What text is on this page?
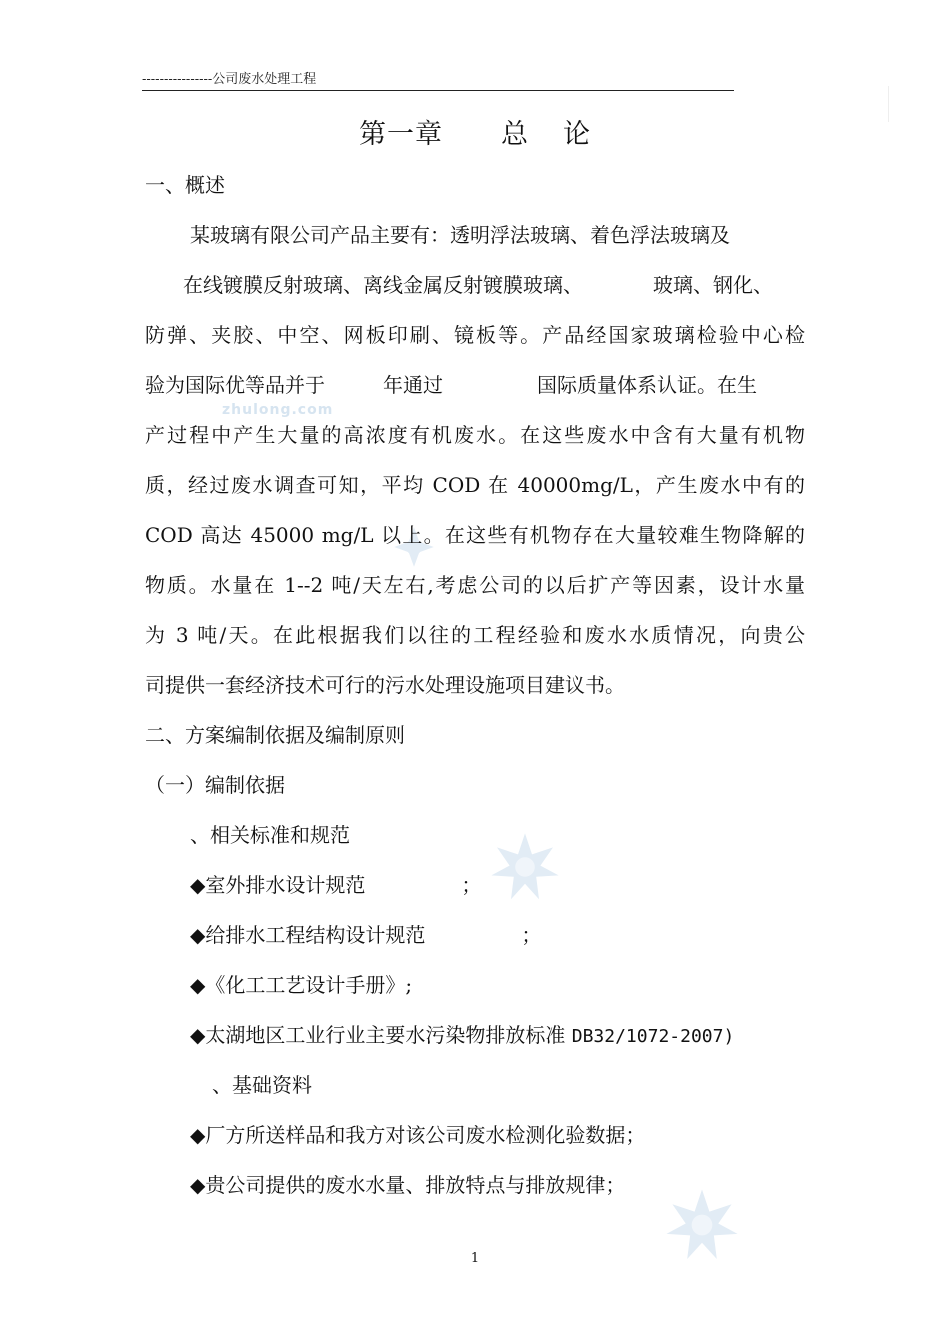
----------------公司废水处理工程
第一章 总 论
zhulong.com
一、概述
某玻璃有限公司产品主要有：透明浮法玻璃、着色浮法玻璃及
在线镀膜反射玻璃、离线金属反射镀膜玻璃、	玻璃、钢化、
防弹、夹胶、中空、网板印刷、镜板等。产品经国家玻璃检验中心检
验为国际优等品并于	年通过	国际质量体系认证。在生
产过程中产生大量的高浓度有机废水。在这些废水中含有大量有机物
质，经过废水调查可知，平均 COD 在 40000mg/L，产生废水中有的
COD 高达 45000 mg/L 以上。在这些有机物存在大量较难生物降解的
物质。水量在 1--2 吨/天左右,考虑公司的以后扩产等因素，设计水量
为 3 吨/天。在此根据我们以往的工程经验和废水水质情况，向贵公
司提供一套经济技术可行的污水处理设施项目建议书。
二、方案编制依据及编制原则
（一）编制依据
、相关标准和规范
◆室外排水设计规范	；
◆给排水工程结构设计规范	；
◆《化工工艺设计手册》;
◆太湖地区工业行业主要水污染物排放标准 DB32/1072-2007)
、基础资料
◆厂方所送样品和我方对该公司废水检测化验数据；
◆贵公司提供的废水水量、排放特点与排放规律；
1
